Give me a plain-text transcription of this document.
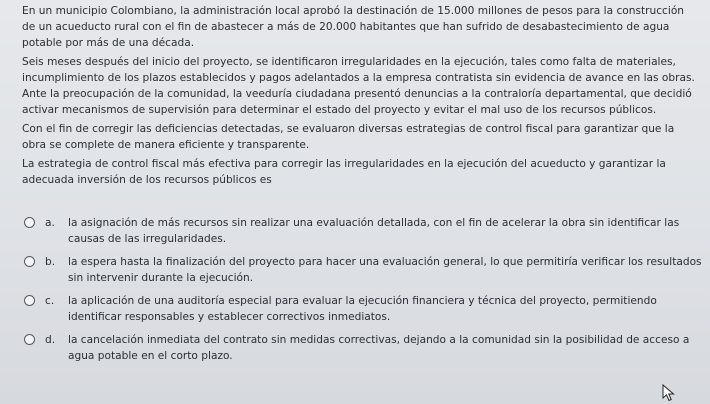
En un municipio Colombiano, la administración local aprobó la destinación de 15.000 millones de pesos para la construcción de un acueducto rural con el fin de abastecer a más de 20.000 habitantes que han sufrido de desabastecimiento de agua potable por más de una década.

Seis meses después del inicio del proyecto, se identificaron irregularidades en la ejecución, tales como falta de materiales, incumplimiento de los plazos establecidos y pagos adelantados a la empresa contratista sin evidencia de avance en las obras. Ante la preocupación de la comunidad, la veeduría ciudadana presentó denuncias a la contraloría departamental, que decidió activar mecanismos de supervisión para determinar el estado del proyecto y evitar el mal uso de los recursos públicos.

Con el fin de corregir las deficiencias detectadas, se evaluaron diversas estrategias de control fiscal para garantizar que la obra se complete de manera eficiente y transparente.

La estrategia de control fiscal más efectiva para corregir las irregularidades en la ejecución del acueducto y garantizar la adecuada inversión de los recursos públicos es

a. la asignación de más recursos sin realizar una evaluación detallada, con el fin de acelerar la obra sin identificar las causas de las irregularidades.
b. la espera hasta la finalización del proyecto para hacer una evaluación general, lo que permitiría verificar los resultados sin intervenir durante la ejecución.
c. la aplicación de una auditoría especial para evaluar la ejecución financiera y técnica del proyecto, permitiendo identificar responsables y establecer correctivos inmediatos.
d. la cancelación inmediata del contrato sin medidas correctivas, dejando a la comunidad sin la posibilidad de acceso a agua potable en el corto plazo.
